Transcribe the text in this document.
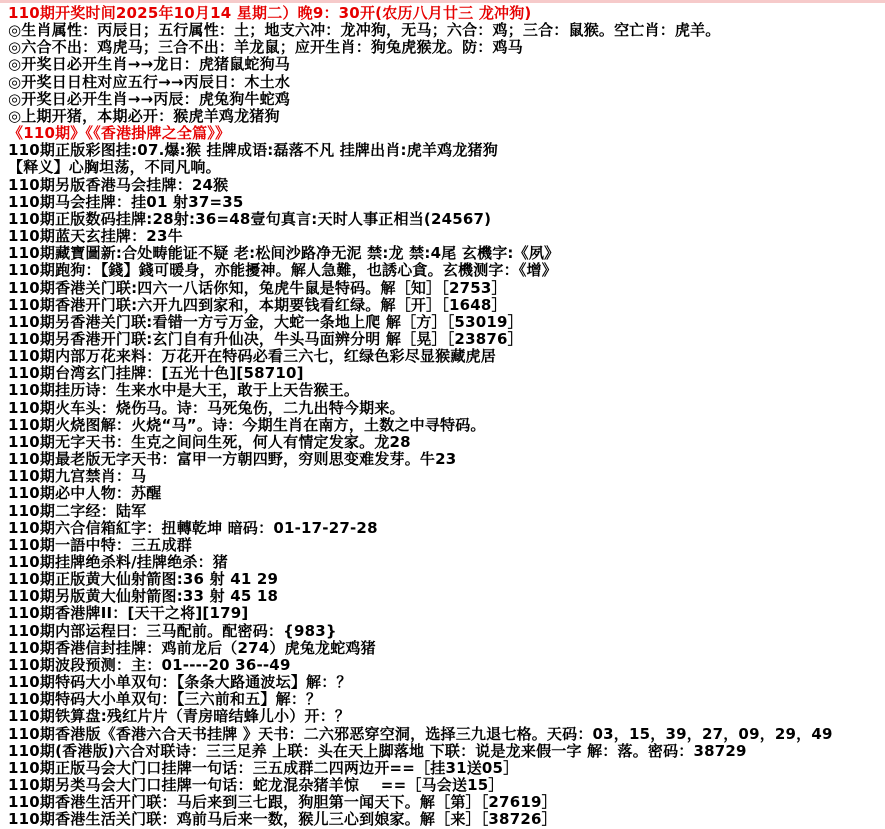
110期开奖时间2025年10月14 星期二）晚9：30开(农历八月廿三 龙冲狗)
◎生肖属性：丙辰日；五行属性：土；地支六冲：龙冲狗，无马；六合：鸡；三合：鼠猴。空亡肖：虎羊。
◎六合不出：鸡虎马；三合不出：羊龙鼠；应开生肖：狗兔虎猴龙。防：鸡马
◎开奖日必开生肖→→龙日：虎猪鼠蛇狗马
◎开奖日日柱对应五行→→丙辰日：木土水
◎开奖日必开生肖→→丙辰：虎兔狗牛蛇鸡
◎上期开猪，本期必开：猴虎羊鸡龙猪狗
《110期》《《香港掛牌之全篇》》
110期正版彩图挂:07.爆:猴 挂牌成语:磊落不凡 挂牌出肖:虎羊鸡龙猪狗
【释义】心胸坦荡，不同凡响。
110期另版香港马会挂牌：24猴
110期马会挂牌：挂01 射37=35
110期正版数码挂牌:28射:36=48壹句真言:天时人事正相当(24567)
110期蓝天玄挂牌：23牛
110期藏寶圖新:合处畴能证不疑 老:松间沙路净无泥 禁:龙 禁:4尾 玄機字:《夙》
110期跑狗：【錢】錢可暖身，亦能擾神。解人急難，也誘心貪。玄機测字：《增》
110期香港关门联:四六一八话你知，兔虎牛鼠是特码。解［知］［2753］
110期香港开门联:六开九四到家和，本期要钱看红绿。解［开］［1648］
110期另香港关门联:看错一方亏万金，大蛇一条地上爬 解［方］［53019］
110期另香港开门联:玄门自有升仙决，牛头马面辨分明 解［晃］［23876］
110期内部万花来料：万花开在特码必看三六七，红绿色彩尽显猴藏虎居
110期台湾玄门挂牌：[五光十色][58710]
110期挂历诗：生来水中是大王，敢于上天告猴王。
110期火车头：烧伤马。诗：马死兔伤，二九出特今期来。
110期火烧图解：火烧“马”。诗：今期生肖在南方，土数之中寻特码。
110期无字天书：生克之间问生死，何人有情定发家。龙28
110期最老版无字天书：富甲一方朝四野，穷则思变难发芽。牛23
110期九宫禁肖：马
110期必中人物：苏醒
110期二字经：陆军
110期六合信箱紅字：扭轉乾坤 暗码：01-17-27-28
110期一語中特：三五成群
110期挂牌绝杀料/挂牌绝杀：猪
110期正版黄大仙射箭图:36 射 41 29
110期另版黄大仙射箭图:33 射 45 18
110期香港牌II：[天干之将][179]
110期内部运程曰：三马配前。配密码：{983}
110期香港信封挂牌：鸡前龙后（274）虎兔龙蛇鸡猪
110期波段预测：主：01----20 36--49
110期特码大小单双句：【条条大路通波坛】解：？
110期特码大小单双句：【三六前和五】解：？
110期铁算盘:残红片片（青房暗结蜂儿小）开：？
110期香港版《香港六合天书挂牌 》天书：二六邪恶穿空洞，选择三九退七格。天码：03，15，39，27，09，29，49
110期(香港版)六合对联诗：三三足养 上联：头在天上脚落地 下联：说是龙来假一字 解：落。密码：38729
110期正版马会大门口挂牌一句话：三五成群二四两边开==［挂31送05］
110期另类马会大门口挂牌一句话：蛇龙混杂猪羊惊    ==［马会送15］
110期香港生活开门联：马后来到三七跟，狗胆第一闻天下。解［第］［27619］
110期香港生活关门联：鸡前马后来一数，猴儿三心到娘家。解［来］［38726］
